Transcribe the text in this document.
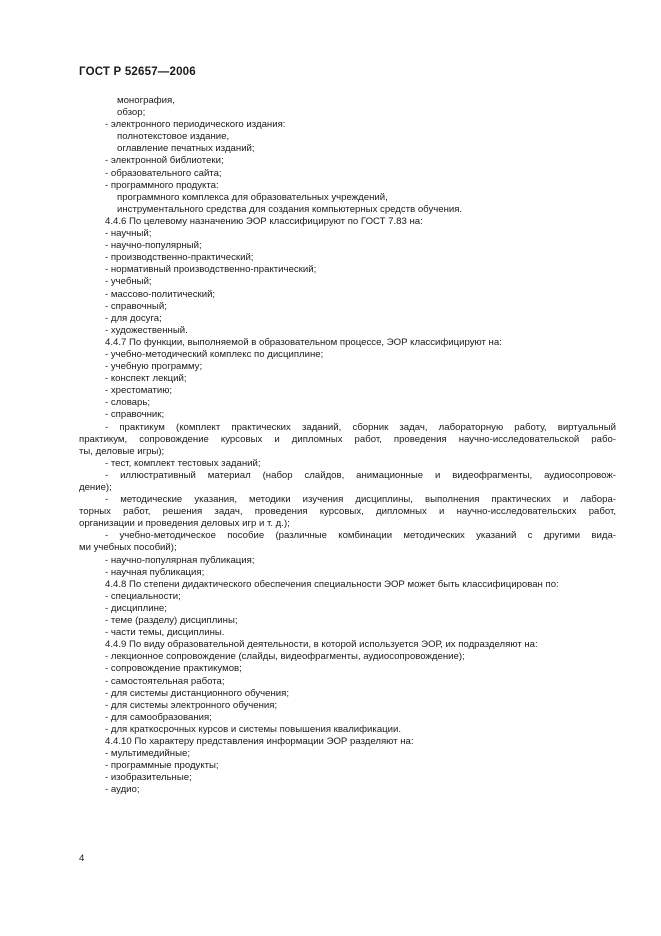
ГОСТ Р 52657—2006
монография,
обзор;
- электронного периодического издания:
полнотекстовое издание,
оглавление печатных изданий;
- электронной библиотеки;
- образовательного сайта;
- программного продукта:
программного комплекса для образовательных учреждений,
инструментального средства для создания компьютерных средств обучения.
4.4.6 По целевому назначению ЭОР классифицируют по ГОСТ 7.83 на:
- научный;
- научно-популярный;
- производственно-практический;
- нормативный производственно-практический;
- учебный;
- массово-политический;
- справочный;
- для досуга;
- художественный.
4.4.7 По функции, выполняемой в образовательном процессе, ЭОР классифицируют на:
- учебно-методический комплекс по дисциплине;
- учебную программу;
- конспект лекций;
- хрестоматию;
- словарь;
- справочник;
- практикум (комплект практических заданий, сборник задач, лабораторную работу, виртуальный
практикум, сопровождение курсовых и дипломных работ, проведения научно-исследовательской рабо-
ты, деловые игры);
- тест, комплект тестовых заданий;
- иллюстративный материал (набор слайдов, анимационные и видеофрагменты, аудиосопровож-
дение);
- методические указания, методики изучения дисциплины, выполнения практических и лабора-
торных работ, решения задач, проведения курсовых, дипломных и научно-исследовательских работ,
организации и проведения деловых игр и т. д.);
- учебно-методическое пособие (различные комбинации методических указаний с другими вида-
ми учебных пособий);
- научно-популярная публикация;
- научная публикация;
4.4.8 По степени дидактического обеспечения специальности ЭОР может быть классифицирован по:
- специальности;
- дисциплине;
- теме (разделу) дисциплины;
- части темы, дисциплины.
4.4.9 По виду образовательной деятельности, в которой используется ЭОР, их подразделяют на:
- лекционное сопровождение (слайды, видеофрагменты, аудиосопровождение);
- сопровождение практикумов;
- самостоятельная работа;
- для системы дистанционного обучения;
- для системы электронного обучения;
- для самообразования;
- для краткосрочных курсов и системы повышения квалификации.
4.4.10 По характеру представления информации ЭОР разделяют на:
- мультимедийные;
- программные продукты;
- изобразительные;
- аудио;
4
